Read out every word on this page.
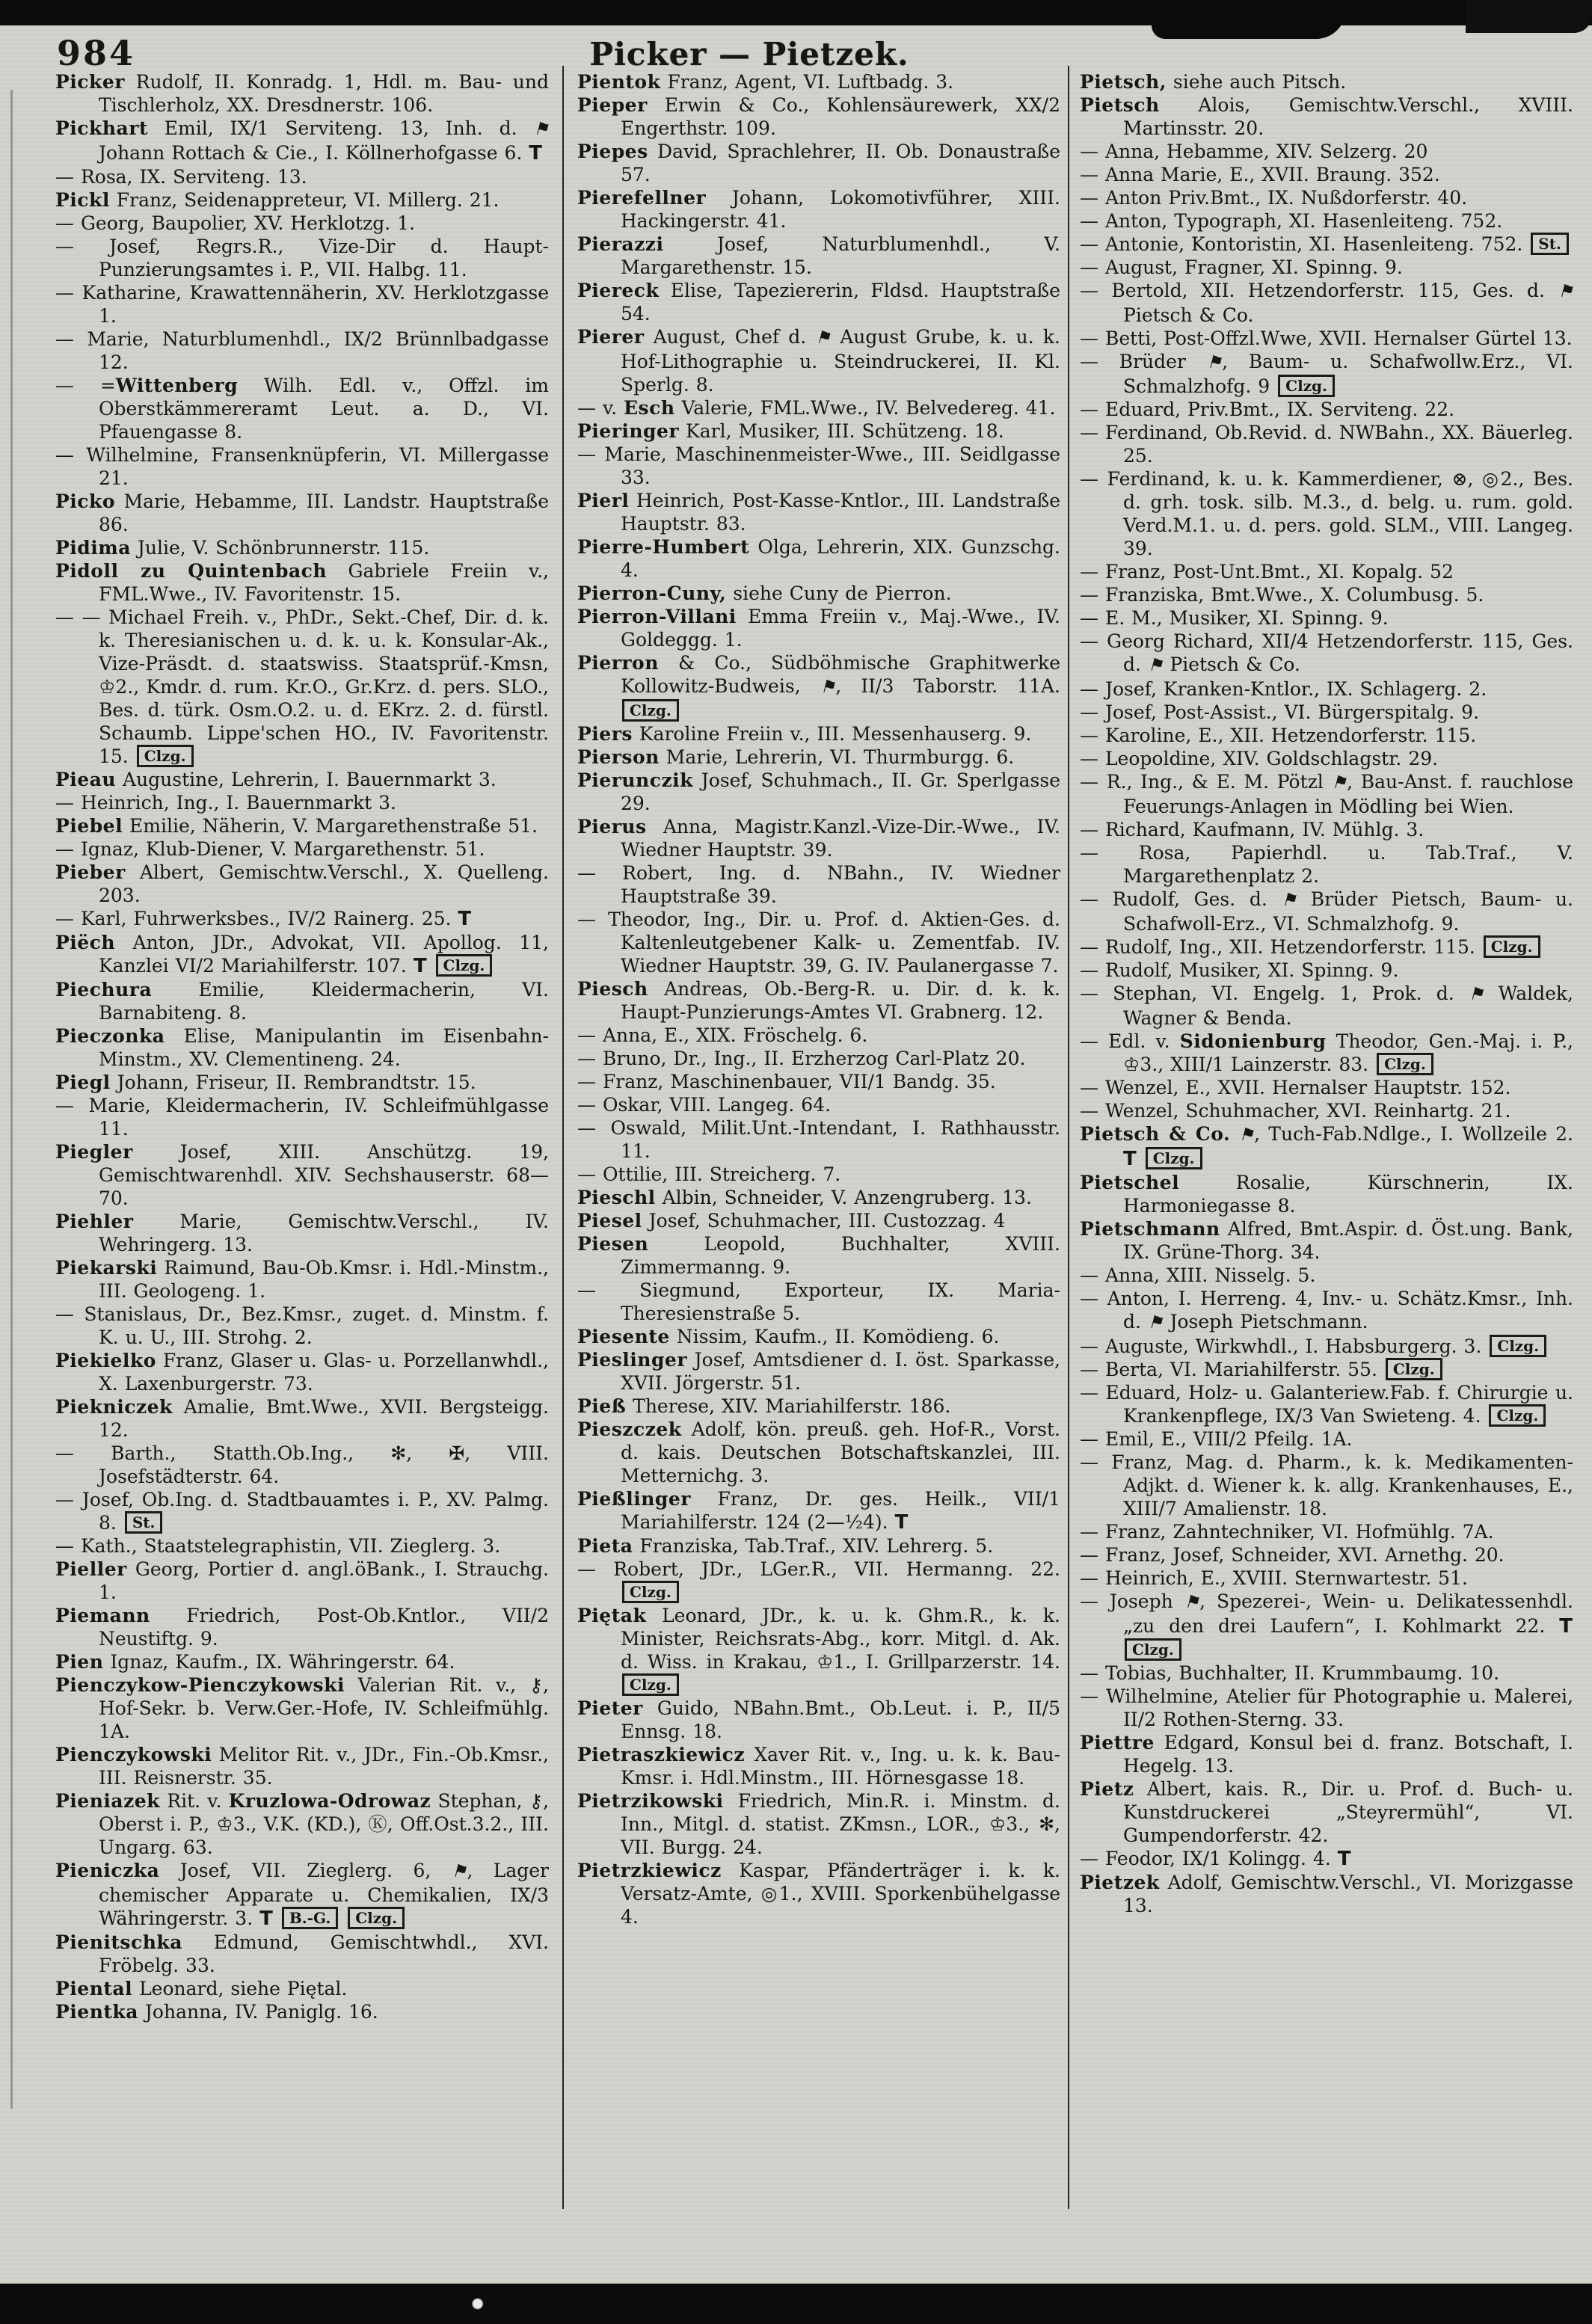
984	Picker — Pietzek.
Picker Rudolf, II. Konradg. 1, Hdl. m. Bau- und Tischlerholz, XX. Dresdnerstr. 106.
Pickhart Emil, IX/1 Serviteng. 13, Inh. d. ⚑ Johann Rottach & Cie., I. Köllnerhofgasse 6. T
— Rosa, IX. Serviteng. 13.
Pickl Franz, Seidenappreteur, VI. Millerg. 21.
— Georg, Baupolier, XV. Herklotzg. 1.
— Josef, Regrs.R., Vize-Dir d. Haupt-Punzierungsamtes i. P., VII. Halbg. 11.
— Katharine, Krawattennäherin, XV. Herklotzgasse 1.
— Marie, Naturblumenhdl., IX/2 Brünnlbadgasse 12.
— =Wittenberg Wilh. Edl. v., Offzl. im Oberstkämmereramt Leut. a. D., VI. Pfauengasse 8.
— Wilhelmine, Fransenknüpferin, VI. Millergasse 21.
Picko Marie, Hebamme, III. Landstr. Hauptstraße 86.
Pidima Julie, V. Schönbrunnerstr. 115.
Pidoll zu Quintenbach Gabriele Freiin v., FML.Wwe., IV. Favoritenstr. 15.
— — Michael Freih. v., PhDr., Sekt.-Chef, Dir. d. k. k. Theresianischen u. d. k. u. k. Konsular-Ak., Vize-Präsdt. d. staatswiss. Staatsprüf.-Kmsn, ♔2., Kmdr. d. rum. Kr.O., Gr.Krz. d. pers. SLO., Bes. d. türk. Osm.O.2. u. d. EKrz. 2. d. fürstl. Schaumb. Lippe'schen HO., IV. Favoritenstr. 15. Clzg.
Pieau Augustine, Lehrerin, I. Bauernmarkt 3.
— Heinrich, Ing., I. Bauernmarkt 3.
Piebel Emilie, Näherin, V. Margarethenstraße 51.
— Ignaz, Klub-Diener, V. Margarethenstr. 51.
Pieber Albert, Gemischtw.Verschl., X. Quelleng. 203.
— Karl, Fuhrwerksbes., IV/2 Rainerg. 25. T
Piëch Anton, JDr., Advokat, VII. Apollog. 11, Kanzlei VI/2 Mariahilferstr. 107. T Clzg.
Piechura Emilie, Kleidermacherin, VI. Barnabiteng. 8.
Pieczonka Elise, Manipulantin im Eisenbahn-Minstm., XV. Clementineng. 24.
Piegl Johann, Friseur, II. Rembrandtstr. 15.
— Marie, Kleidermacherin, IV. Schleifmühlgasse 11.
Piegler Josef, XIII. Anschützg. 19, Gemischtwarenhdl. XIV. Sechshauserstr. 68—70.
Piehler Marie, Gemischtw.Verschl., IV. Wehringerg. 13.
Piekarski Raimund, Bau-Ob.Kmsr. i. Hdl.-Minstm., III. Geologeng. 1.
— Stanislaus, Dr., Bez.Kmsr., zuget. d. Minstm. f. K. u. U., III. Strohg. 2.
Piekielko Franz, Glaser u. Glas- u. Porzellanwhdl., X. Laxenburgerstr. 73.
Piekniczek Amalie, Bmt.Wwe., XVII. Bergsteigg. 12.
— Barth., Statth.Ob.Ing., ✻, ✠, VIII. Josefstädterstr. 64.
— Josef, Ob.Ing. d. Stadtbauamtes i. P., XV. Palmg. 8. St.
— Kath., Staatstelegraphistin, VII. Zieglerg. 3.
Pieller Georg, Portier d. angl.öBank., I. Strauchg. 1.
Piemann Friedrich, Post-Ob.Kntlor., VII/2 Neustiftg. 9.
Pien Ignaz, Kaufm., IX. Währingerstr. 64.
Pienczykow-Pienczykowski Valerian Rit. v., ⚷, Hof-Sekr. b. Verw.Ger.-Hofe, IV. Schleifmühlg. 1A.
Pienczykowski Melitor Rit. v., JDr., Fin.-Ob.Kmsr., III. Reisnerstr. 35.
Pieniazek Rit. v. Kruzlowa-Odrowaz Stephan, ⚷, Oberst i. P., ♔3., V.K. (KD.), Ⓚ, Off.Ost.3.2., III. Ungarg. 63.
Pieniczka Josef, VII. Zieglerg. 6, ⚑, Lager chemischer Apparate u. Chemikalien, IX/3 Währingerstr. 3. T B.-G. Clzg.
Pienitschka Edmund, Gemischtwhdl., XVI. Fröbelg. 33.
Piental Leonard, siehe Piętal.
Pientka Johanna, IV. Paniglg. 16.
Pientok Franz, Agent, VI. Luftbadg. 3.
Pieper Erwin & Co., Kohlensäurewerk, XX/2 Engerthstr. 109.
Piepes David, Sprachlehrer, II. Ob. Donaustraße 57.
Pierefellner Johann, Lokomotivführer, XIII. Hackingerstr. 41.
Pierazzi Josef, Naturblumenhdl., V. Margarethenstr. 15.
Piereck Elise, Tapeziererin, Fldsd. Hauptstraße 54.
Pierer August, Chef d. ⚑ August Grube, k. u. k. Hof-Lithographie u. Steindruckerei, II. Kl. Sperlg. 8.
— v. Esch Valerie, FML.Wwe., IV. Belvedereg. 41.
Pieringer Karl, Musiker, III. Schützeng. 18.
— Marie, Maschinenmeister-Wwe., III. Seidlgasse 33.
Pierl Heinrich, Post-Kasse-Kntlor., III. Landstraße Hauptstr. 83.
Pierre-Humbert Olga, Lehrerin, XIX. Gunzschg. 4.
Pierron-Cuny, siehe Cuny de Pierron.
Pierron-Villani Emma Freiin v., Maj.-Wwe., IV. Goldeggg. 1.
Pierron & Co., Südböhmische Graphitwerke Kollowitz-Budweis, ⚑, II/3 Taborstr. 11A. Clzg.
Piers Karoline Freiin v., III. Messenhauserg. 9.
Pierson Marie, Lehrerin, VI. Thurmburgg. 6.
Pierunczik Josef, Schuhmach., II. Gr. Sperlgasse 29.
Pierus Anna, Magistr.Kanzl.-Vize-Dir.-Wwe., IV. Wiedner Hauptstr. 39.
— Robert, Ing. d. NBahn., IV. Wiedner Hauptstraße 39.
— Theodor, Ing., Dir. u. Prof. d. Aktien-Ges. d. Kaltenleutgebener Kalk- u. Zementfab. IV. Wiedner Hauptstr. 39, G. IV. Paulanergasse 7.
Piesch Andreas, Ob.-Berg-R. u. Dir. d. k. k. Haupt-Punzierungs-Amtes VI. Grabnerg. 12.
— Anna, E., XIX. Fröschelg. 6.
— Bruno, Dr., Ing., II. Erzherzog Carl-Platz 20.
— Franz, Maschinenbauer, VII/1 Bandg. 35.
— Oskar, VIII. Langeg. 64.
— Oswald, Milit.Unt.-Intendant, I. Rathhausstr. 11.
— Ottilie, III. Streicherg. 7.
Pieschl Albin, Schneider, V. Anzengruberg. 13.
Piesel Josef, Schuhmacher, III. Custozzag. 4
Piesen Leopold, Buchhalter, XVIII. Zimmermanng. 9.
— Siegmund, Exporteur, IX. Maria-Theresienstraße 5.
Piesente Nissim, Kaufm., II. Komödieng. 6.
Pieslinger Josef, Amtsdiener d. I. öst. Sparkasse, XVII. Jörgerstr. 51.
Pieß Therese, XIV. Mariahilferstr. 186.
Pieszczek Adolf, kön. preuß. geh. Hof-R., Vorst. d. kais. Deutschen Botschaftskanzlei, III. Metternichg. 3.
Pießlinger Franz, Dr. ges. Heilk., VII/1 Mariahilferstr. 124 (2—½4). T
Pieta Franziska, Tab.Traf., XIV. Lehrerg. 5.
— Robert, JDr., LGer.R., VII. Hermanng. 22. Clzg.
Piętak Leonard, JDr., k. u. k. Ghm.R., k. k. Minister, Reichsrats-Abg., korr. Mitgl. d. Ak. d. Wiss. in Krakau, ♔1., I. Grillparzerstr. 14. Clzg.
Pieter Guido, NBahn.Bmt., Ob.Leut. i. P., II/5 Ennsg. 18.
Pietraszkiewicz Xaver Rit. v., Ing. u. k. k. Bau-Kmsr. i. Hdl.Minstm., III. Hörnesgasse 18.
Pietrzikowski Friedrich, Min.R. i. Minstm. d. Inn., Mitgl. d. statist. ZKmsn., LOR., ♔3., ✻, VII. Burgg. 24.
Pietrzkiewicz Kaspar, Pfänderträger i. k. k. Versatz-Amte, ◎1., XVIII. Sporkenbühelgasse 4.
Pietsch, siehe auch Pitsch.
Pietsch Alois, Gemischtw.Verschl., XVIII. Martinsstr. 20.
— Anna, Hebamme, XIV. Selzerg. 20
— Anna Marie, E., XVII. Braung. 352.
— Anton Priv.Bmt., IX. Nußdorferstr. 40.
— Anton, Typograph, XI. Hasenleiteng. 752.
— Antonie, Kontoristin, XI. Hasenleiteng. 752. St.
— August, Fragner, XI. Spinng. 9.
— Bertold, XII. Hetzendorferstr. 115, Ges. d. ⚑ Pietsch & Co.
— Betti, Post-Offzl.Wwe, XVII. Hernalser Gürtel 13.
— Brüder ⚑, Baum- u. Schafwollw.Erz., VI. Schmalzhofg. 9 Clzg.
— Eduard, Priv.Bmt., IX. Serviteng. 22.
— Ferdinand, Ob.Revid. d. NWBahn., XX. Bäuerleg. 25.
— Ferdinand, k. u. k. Kammerdiener, ⊗, ◎2., Bes. d. grh. tosk. silb. M.3., d. belg. u. rum. gold. Verd.M.1. u. d. pers. gold. SLM., VIII. Langeg. 39.
— Franz, Post-Unt.Bmt., XI. Kopalg. 52
— Franziska, Bmt.Wwe., X. Columbusg. 5.
— E. M., Musiker, XI. Spinng. 9.
— Georg Richard, XII/4 Hetzendorferstr. 115, Ges. d. ⚑ Pietsch & Co.
— Josef, Kranken-Kntlor., IX. Schlagerg. 2.
— Josef, Post-Assist., VI. Bürgerspitalg. 9.
— Karoline, E., XII. Hetzendorferstr. 115.
— Leopoldine, XIV. Goldschlagstr. 29.
— R., Ing., & E. M. Pötzl ⚑, Bau-Anst. f. rauchlose Feuerungs-Anlagen in Mödling bei Wien.
— Richard, Kaufmann, IV. Mühlg. 3.
— Rosa, Papierhdl. u. Tab.Traf., V. Margarethenplatz 2.
— Rudolf, Ges. d. ⚑ Brüder Pietsch, Baum- u. Schafwoll-Erz., VI. Schmalzhofg. 9.
— Rudolf, Ing., XII. Hetzendorferstr. 115. Clzg.
— Rudolf, Musiker, XI. Spinng. 9.
— Stephan, VI. Engelg. 1, Prok. d. ⚑ Waldek, Wagner & Benda.
— Edl. v. Sidonienburg Theodor, Gen.-Maj. i. P., ♔3., XIII/1 Lainzerstr. 83. Clzg.
— Wenzel, E., XVII. Hernalser Hauptstr. 152.
— Wenzel, Schuhmacher, XVI. Reinhartg. 21.
Pietsch & Co. ⚑, Tuch-Fab.Ndlge., I. Wollzeile 2. T Clzg.
Pietschel Rosalie, Kürschnerin, IX. Harmoniegasse 8.
Pietschmann Alfred, Bmt.Aspir. d. Öst.ung. Bank, IX. Grüne-Thorg. 34.
— Anna, XIII. Nisselg. 5.
— Anton, I. Herreng. 4, Inv.- u. Schätz.Kmsr., Inh. d. ⚑ Joseph Pietschmann.
— Auguste, Wirkwhdl., I. Habsburgerg. 3. Clzg.
— Berta, VI. Mariahilferstr. 55. Clzg.
— Eduard, Holz- u. Galanteriew.Fab. f. Chirurgie u. Krankenpflege, IX/3 Van Swieteng. 4. Clzg.
— Emil, E., VIII/2 Pfeilg. 1A.
— Franz, Mag. d. Pharm., k. k. Medikamenten-Adjkt. d. Wiener k. k. allg. Krankenhauses, E., XIII/7 Amalienstr. 18.
— Franz, Zahntechniker, VI. Hofmühlg. 7A.
— Franz, Josef, Schneider, XVI. Arnethg. 20.
— Heinrich, E., XVIII. Sternwartestr. 51.
— Joseph ⚑, Spezerei-, Wein- u. Delikatessenhdl. „zu den drei Laufern“, I. Kohlmarkt 22. T Clzg.
— Tobias, Buchhalter, II. Krummbaumg. 10.
— Wilhelmine, Atelier für Photographie u. Malerei, II/2 Rothen-Sterng. 33.
Piettre Edgard, Konsul bei d. franz. Botschaft, I. Hegelg. 13.
Pietz Albert, kais. R., Dir. u. Prof. d. Buch- u. Kunstdruckerei „Steyrermühl“, VI. Gumpendorferstr. 42.
— Feodor, IX/1 Kolingg. 4. T
Pietzek Adolf, Gemischtw.Verschl., VI. Morizgasse 13.
